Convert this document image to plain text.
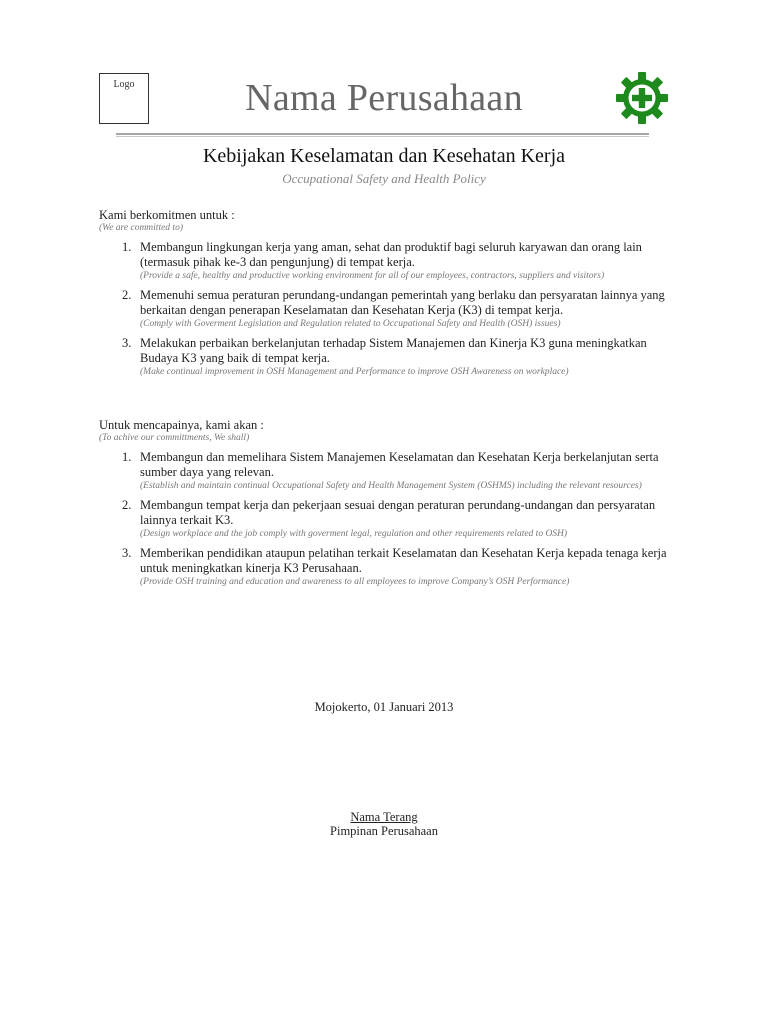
Logo	Nama Perusahaan
Kebijakan Keselamatan dan Kesehatan Kerja
Occupational Safety and Health Policy
Kami berkomitmen untuk :
(We are committed to)
1. Membangun lingkungan kerja yang aman, sehat dan produktif bagi seluruh karyawan dan orang lain (termasuk pihak ke-3 dan pengunjung) di tempat kerja.
(Provide a safe, healthy and productive working environment for all of our employees, contractors, suppliers and visitors)
2. Memenuhi semua peraturan perundang-undangan pemerintah yang berlaku dan persyaratan lainnya yang berkaitan dengan penerapan Keselamatan dan Kesehatan Kerja (K3) di tempat kerja.
(Comply with Goverment Legislation and Regulation related to Occupational Safety and Health (OSH) issues)
3. Melakukan perbaikan berkelanjutan terhadap Sistem Manajemen dan Kinerja K3 guna meningkatkan Budaya K3 yang baik di tempat kerja.
(Make continual improvement in OSH Management and Performance to improve OSH Awareness on workplace)
Untuk mencapainya, kami akan :
(To achive our committments, We shall)
1. Membangun dan memelihara Sistem Manajemen Keselamatan dan Kesehatan Kerja berkelanjutan serta sumber daya yang relevan.
(Establish and maintain continual Occupational Safety and Health Management System (OSHMS) including the relevant resources)
2. Membangun tempat kerja dan pekerjaan sesuai dengan peraturan perundang-undangan dan persyaratan lainnya terkait K3.
(Design workplace and the job comply with goverment legal, regulation and other requirements related to OSH)
3. Memberikan pendidikan ataupun pelatihan terkait Keselamatan dan Kesehatan Kerja kepada tenaga kerja untuk meningkatkan kinerja K3 Perusahaan.
(Provide OSH training and education and awareness to all employees to improve Company’s OSH Performance)
Mojokerto, 01 Januari 2013
Nama Terang
Pimpinan Perusahaan
